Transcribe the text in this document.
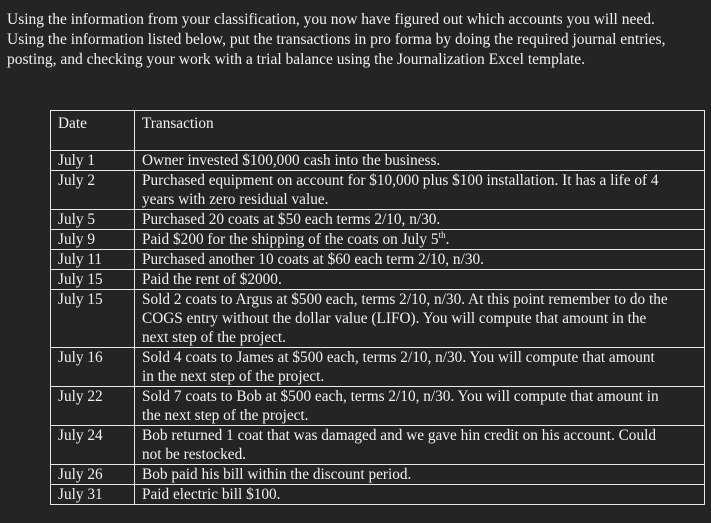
Using the information from your classification, you now have figured out which accounts you will need. Using the information listed below, put the transactions in pro forma by doing the required journal entries, posting, and checking your work with a trial balance using the Journalization Excel template.

Date	Transaction
July 1	Owner invested $100,000 cash into the business.

July 2	Purchased equipment on account for $10,000 plus $100 installation. It has a life of 4 years with zero residual value.

July 5	Purchased 20 coats at $50 each terms 2/10, n/30.

July 9	Paid $200 for the shipping of the coats on July 5th.

July 11	Purchased another 10 coats at $60 each term 2/10, n/30.

July 15	Paid the rent of $2000.

July 15	Sold 2 coats to Argus at $500 each, terms 2/10, n/30. At this point remember to do the COGS entry without the dollar value (LIFO). You will compute that amount in the next step of the project.

July 16	Sold 4 coats to James at $500 each, terms 2/10, n/30. You will compute that amount in the next step of the project.

July 22	Sold 7 coats to Bob at $500 each, terms 2/10, n/30. You will compute that amount in the next step of the project.

July 24	Bob returned 1 coat that was damaged and we gave hin credit on his account. Could not be restocked.

July 26	Bob paid his bill within the discount period.

July 31	Paid electric bill $100.
